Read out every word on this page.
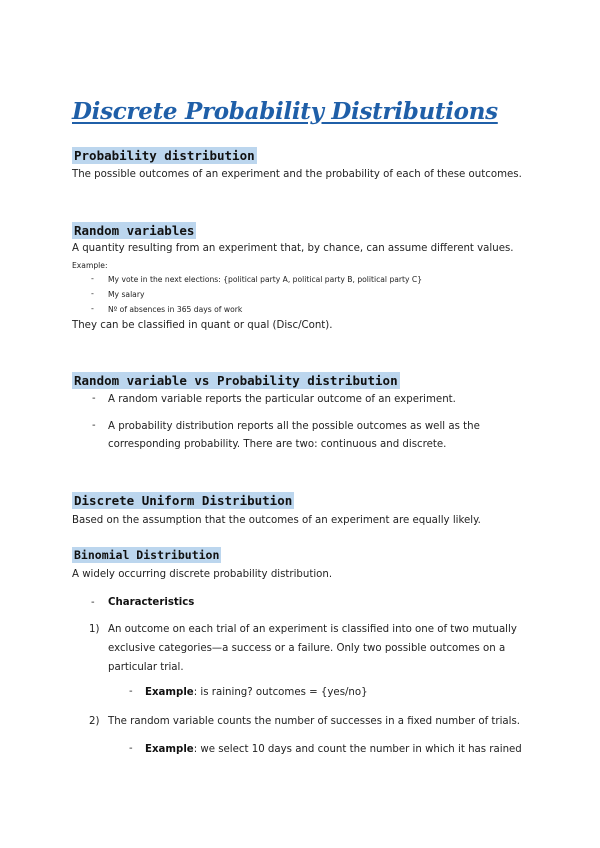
Discrete Probability Distributions
Probability distribution
The possible outcomes of an experiment and the probability of each of these outcomes.
Random variables
A quantity resulting from an experiment that, by chance, can assume different values.
Example:
- My vote in the next elections: {political party A, political party B, political party C}
- My salary
- Nº of absences in 365 days of work
They can be classified in quant or qual (Disc/Cont).
Random variable vs Probability distribution
- A random variable reports the particular outcome of an experiment.
- A probability distribution reports all the possible outcomes as well as the
corresponding probability. There are two: continuous and discrete.
Discrete Uniform Distribution
Based on the assumption that the outcomes of an experiment are equally likely.
Binomial Distribution
A widely occurring discrete probability distribution.
- Characteristics
1) An outcome on each trial of an experiment is classified into one of two mutually
exclusive categories—a success or a failure. Only two possible outcomes on a
particular trial.
- Example: is raining? outcomes = {yes/no}
2) The random variable counts the number of successes in a fixed number of trials.
- Example: we select 10 days and count the number in which it has rained
